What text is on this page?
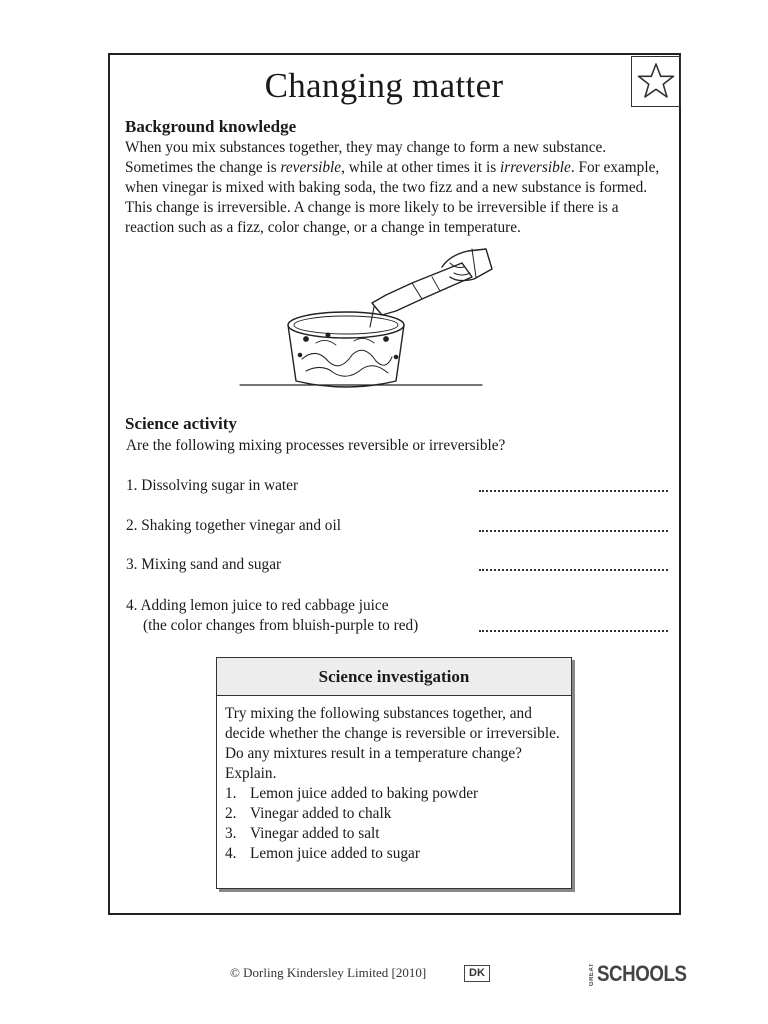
Changing matter
Background knowledge
When you mix substances together, they may change to form a new substance. Sometimes the change is reversible, while at other times it is irreversible. For example, when vinegar is mixed with baking soda, the two fizz and a new substance is formed. This change is irreversible. A change is more likely to be irreversible if there is a reaction such as a fizz, color change, or a change in temperature.
Science activity
Are the following mixing processes reversible or irreversible?
1. Dissolving sugar in water
2. Shaking together vinegar and oil
3. Mixing sand and sugar
4. Adding lemon juice to red cabbage juice
(the color changes from bluish-purple to red)
Science investigation
Try mixing the following substances together, and decide whether the change is reversible or irreversible. Do any mixtures result in a temperature change? Explain.
1. Lemon juice added to baking powder
2. Vinegar added to chalk
3. Vinegar added to salt
4. Lemon juice added to sugar
© Dorling Kindersley Limited [2010]	DK	GREAT SCHOOLS
